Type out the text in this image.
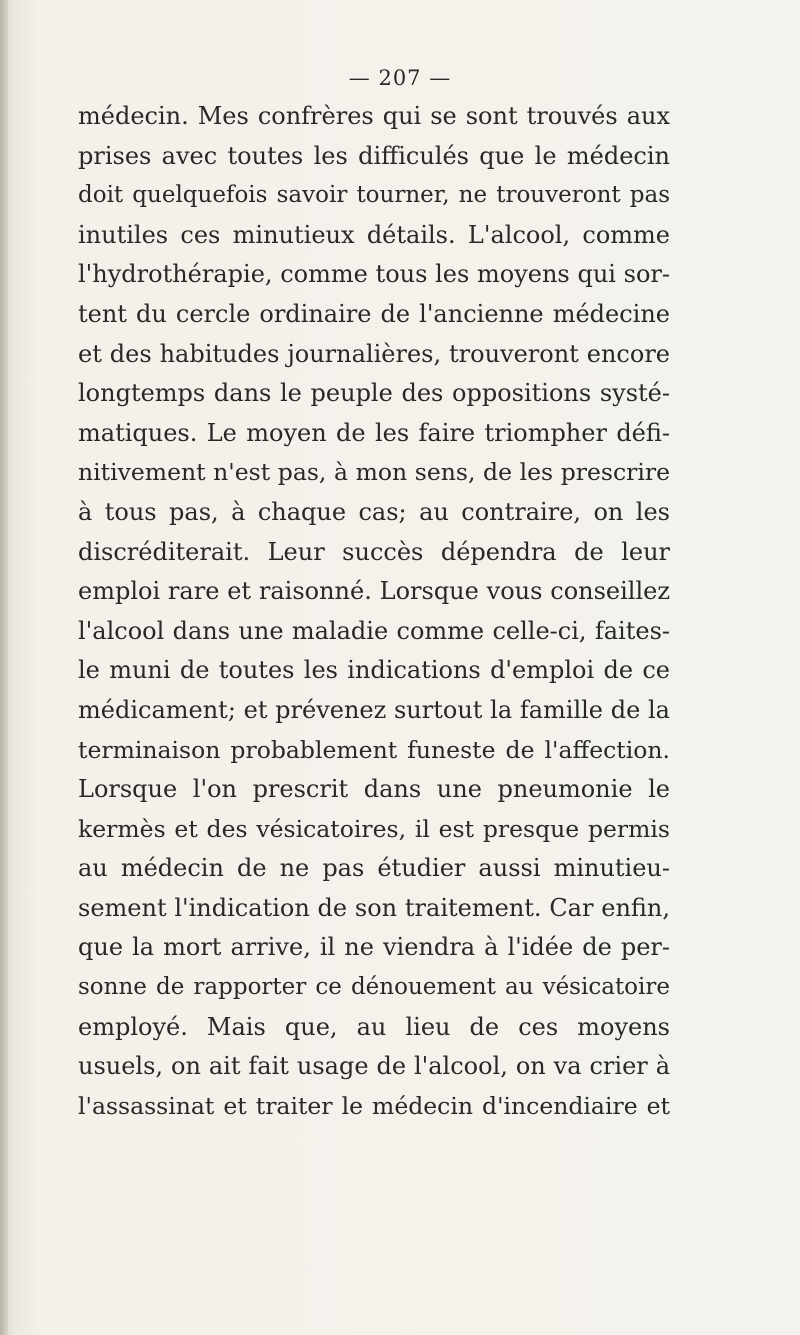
— 207 —
médecin. Mes confrères qui se sont trouvés aux
prises avec toutes les difficulés que le médecin
doit quelquefois savoir tourner, ne trouveront pas
inutiles ces minutieux détails. L'alcool, comme
l'hydrothérapie, comme tous les moyens qui sor-
tent du cercle ordinaire de l'ancienne médecine
et des habitudes journalières, trouveront encore
longtemps dans le peuple des oppositions systé-
matiques. Le moyen de les faire triompher défi-
nitivement n'est pas, à mon sens, de les prescrire
à tous pas, à chaque cas; au contraire, on les
discréditerait. Leur succès dépendra de leur
emploi rare et raisonné. Lorsque vous conseillez
l'alcool dans une maladie comme celle-ci, faites-
le muni de toutes les indications d'emploi de ce
médicament; et prévenez surtout la famille de la
terminaison probablement funeste de l'affection.
Lorsque l'on prescrit dans une pneumonie le
kermès et des vésicatoires, il est presque permis
au médecin de ne pas étudier aussi minutieu-
sement l'indication de son traitement. Car enfin,
que la mort arrive, il ne viendra à l'idée de per-
sonne de rapporter ce dénouement au vésicatoire
employé. Mais que, au lieu de ces moyens
usuels, on ait fait usage de l'alcool, on va crier à
l'assassinat et traiter le médecin d'incendiaire et
